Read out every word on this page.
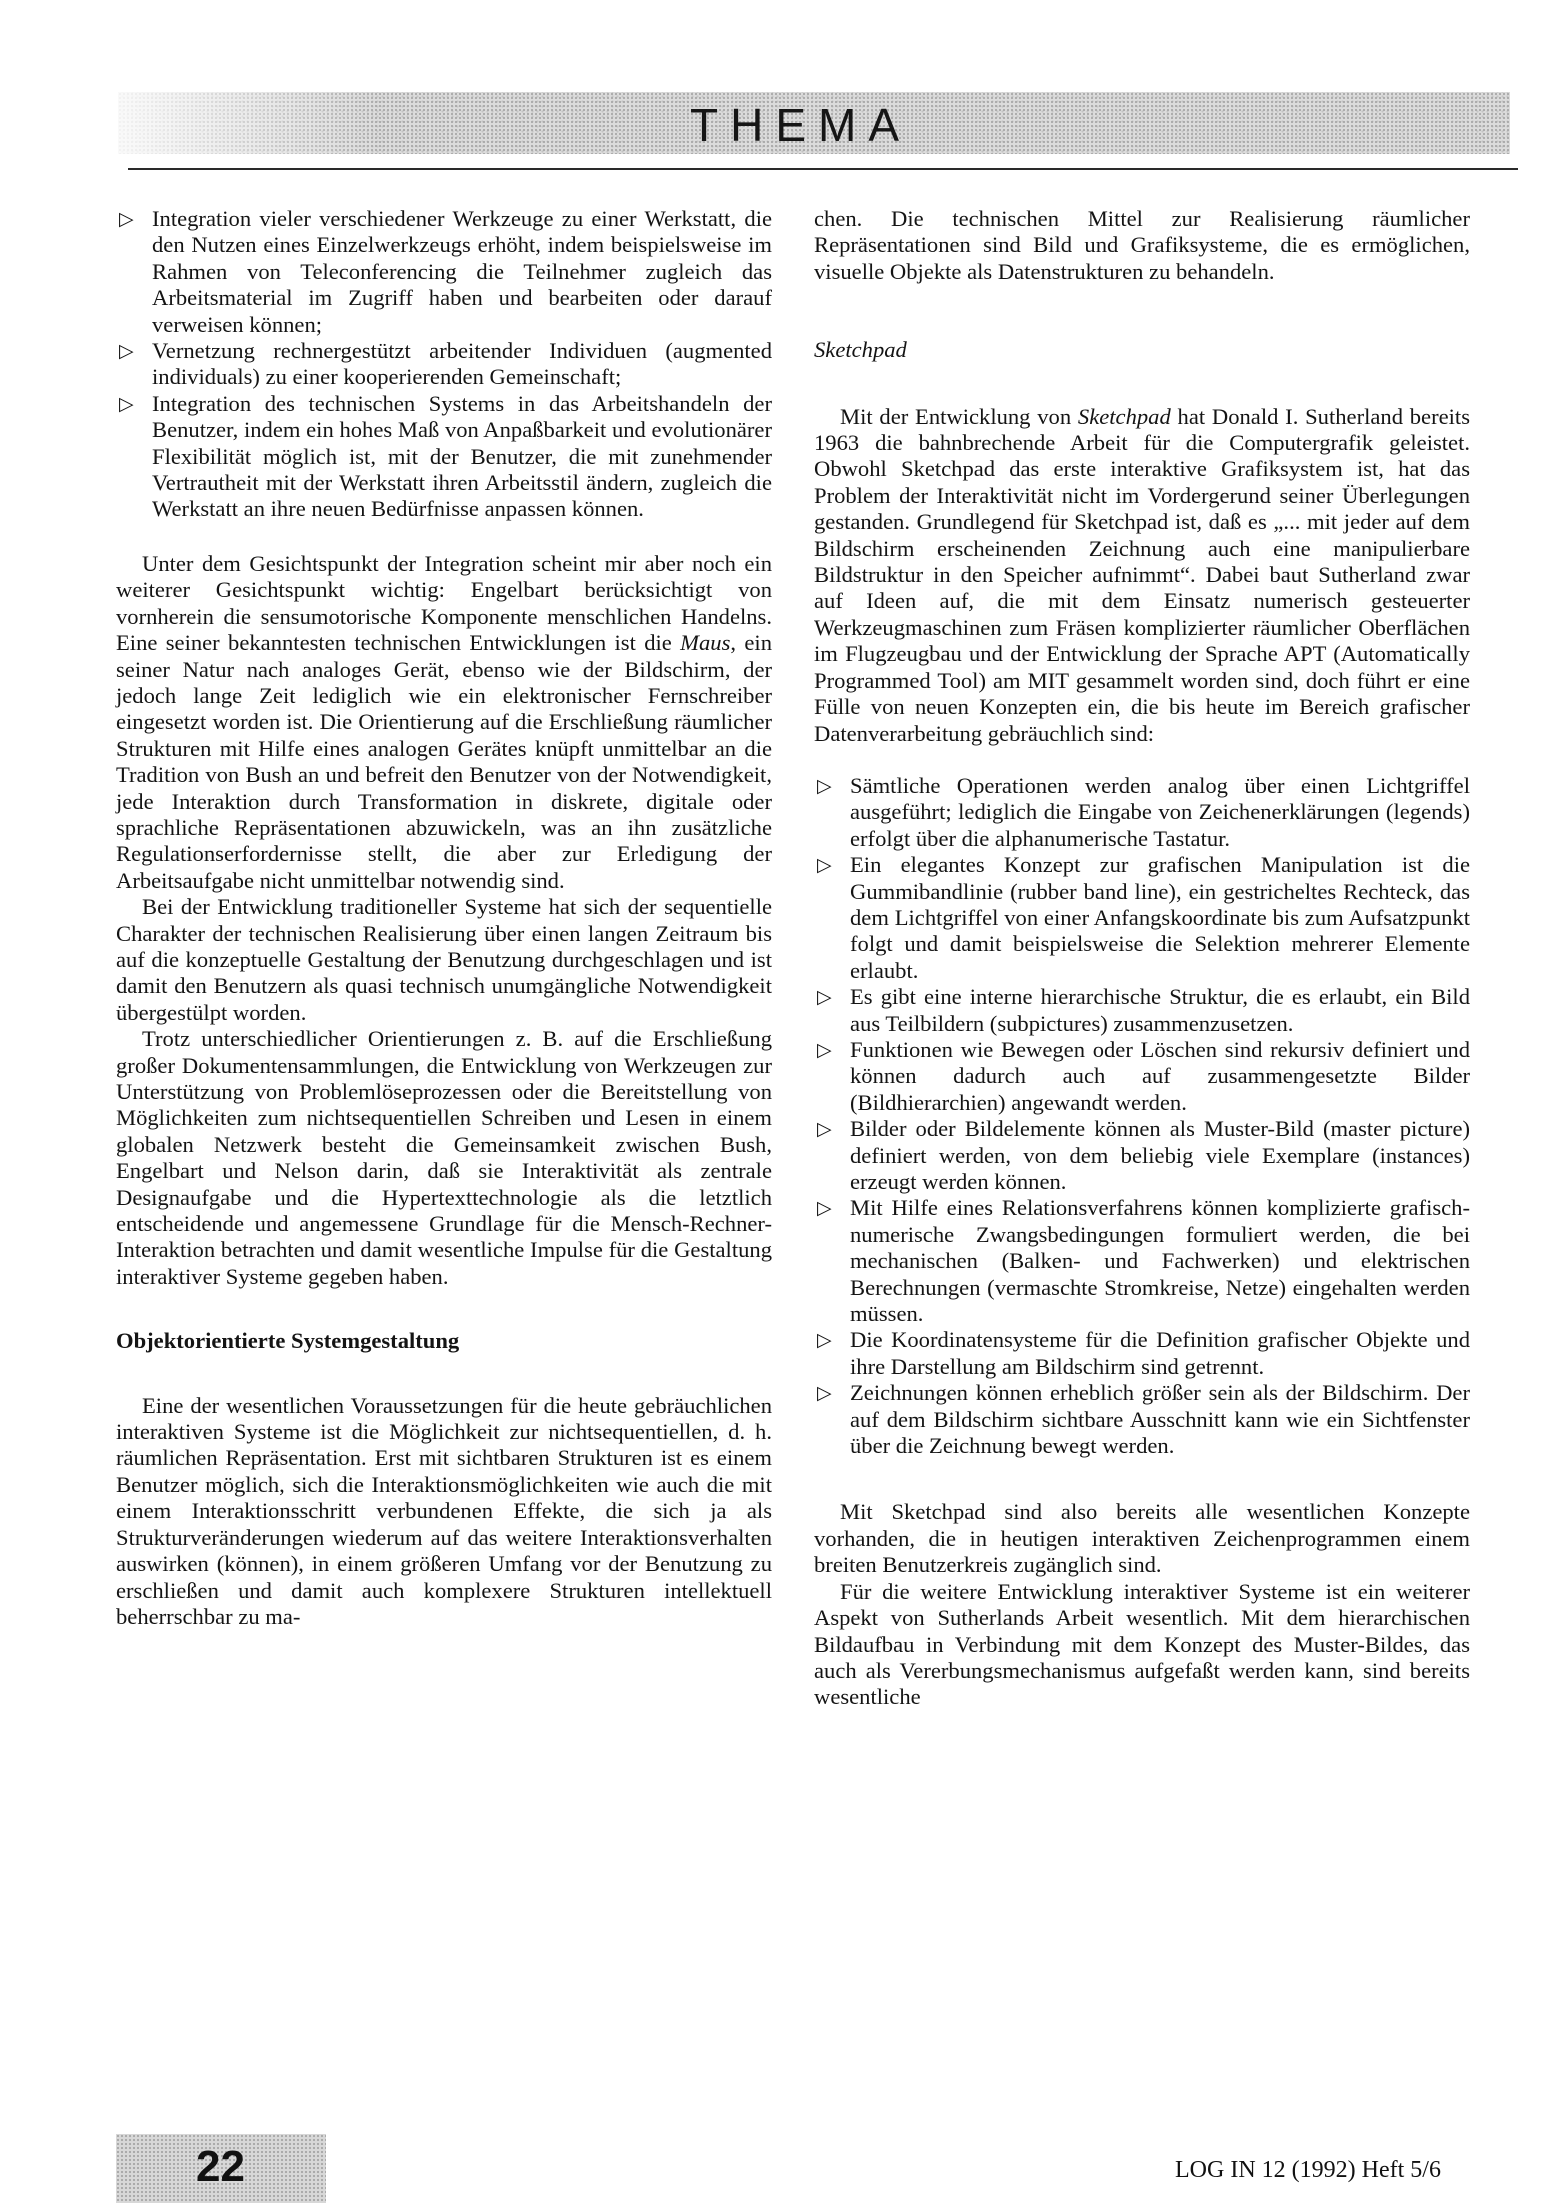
THEMA
▷ Integration vieler verschiedener Werkzeuge zu einer Werkstatt, die den Nutzen eines Einzelwerkzeugs erhöht, indem beispielsweise im Rahmen von Teleconferencing die Teilnehmer zugleich das Arbeitsmaterial im Zugriff haben und bearbeiten oder darauf verweisen können;
▷ Vernetzung rechnergestützt arbeitender Individuen (augmented individuals) zu einer kooperierenden Gemeinschaft;
▷ Integration des technischen Systems in das Arbeitshandeln der Benutzer, indem ein hohes Maß von Anpaßbarkeit und evolutionärer Flexibilität möglich ist, mit der Benutzer, die mit zunehmender Vertrautheit mit der Werkstatt ihren Arbeitsstil ändern, zugleich die Werkstatt an ihre neuen Bedürfnisse anpassen können.

Unter dem Gesichtspunkt der Integration scheint mir aber noch ein weiterer Gesichtspunkt wichtig: Engelbart berücksichtigt von vornherein die sensumotorische Komponente menschlichen Handelns. Eine seiner bekanntesten technischen Entwicklungen ist die Maus, ein seiner Natur nach analoges Gerät, ebenso wie der Bildschirm, der jedoch lange Zeit lediglich wie ein elektronischer Fernschreiber eingesetzt worden ist. Die Orientierung auf die Erschließung räumlicher Strukturen mit Hilfe eines analogen Gerätes knüpft unmittelbar an die Tradition von Bush an und befreit den Benutzer von der Notwendigkeit, jede Interaktion durch Transformation in diskrete, digitale oder sprachliche Repräsentationen abzuwickeln, was an ihn zusätzliche Regulationserfordernisse stellt, die aber zur Erledigung der Arbeitsaufgabe nicht unmittelbar notwendig sind.

Bei der Entwicklung traditioneller Systeme hat sich der sequentielle Charakter der technischen Realisierung über einen langen Zeitraum bis auf die konzeptuelle Gestaltung der Benutzung durchgeschlagen und ist damit den Benutzern als quasi technisch unumgängliche Notwendigkeit übergestülpt worden.

Trotz unterschiedlicher Orientierungen z. B. auf die Erschließung großer Dokumentensammlungen, die Entwicklung von Werkzeugen zur Unterstützung von Problemlöseprozessen oder die Bereitstellung von Möglichkeiten zum nichtsequentiellen Schreiben und Lesen in einem globalen Netzwerk besteht die Gemeinsamkeit zwischen Bush, Engelbart und Nelson darin, daß sie Interaktivität als zentrale Designaufgabe und die Hypertexttechnologie als die letztlich entscheidende und angemessene Grundlage für die Mensch-Rechner-Interaktion betrachten und damit wesentliche Impulse für die Gestaltung interaktiver Systeme gegeben haben.

Objektorientierte Systemgestaltung

Eine der wesentlichen Voraussetzungen für die heute gebräuchlichen interaktiven Systeme ist die Möglichkeit zur nichtsequentiellen, d. h. räumlichen Repräsentation. Erst mit sichtbaren Strukturen ist es einem Benutzer möglich, sich die Interaktionsmöglichkeiten wie auch die mit einem Interaktionsschritt verbundenen Effekte, die sich ja als Strukturveränderungen wiederum auf das weitere Interaktionsverhalten auswirken (können), in einem größeren Umfang vor der Benutzung zu erschließen und damit auch komplexere Strukturen intellektuell beherrschbar zu ma-

chen. Die technischen Mittel zur Realisierung räumlicher Repräsentationen sind Bild und Grafiksysteme, die es ermöglichen, visuelle Objekte als Datenstrukturen zu behandeln.

Sketchpad

Mit der Entwicklung von Sketchpad hat Donald I. Sutherland bereits 1963 die bahnbrechende Arbeit für die Computergrafik geleistet. Obwohl Sketchpad das erste interaktive Grafiksystem ist, hat das Problem der Interaktivität nicht im Vordergerund seiner Überlegungen gestanden. Grundlegend für Sketchpad ist, daß es „... mit jeder auf dem Bildschirm erscheinenden Zeichnung auch eine manipulierbare Bildstruktur in den Speicher aufnimmt“. Dabei baut Sutherland zwar auf Ideen auf, die mit dem Einsatz numerisch gesteuerter Werkzeugmaschinen zum Fräsen komplizierter räumlicher Oberflächen im Flugzeugbau und der Entwicklung der Sprache APT (Automatically Programmed Tool) am MIT gesammelt worden sind, doch führt er eine Fülle von neuen Konzepten ein, die bis heute im Bereich grafischer Datenverarbeitung gebräuchlich sind:

▷ Sämtliche Operationen werden analog über einen Lichtgriffel ausgeführt; lediglich die Eingabe von Zeichenerklärungen (legends) erfolgt über die alphanumerische Tastatur.
▷ Ein elegantes Konzept zur grafischen Manipulation ist die Gummibandlinie (rubber band line), ein gestricheltes Rechteck, das dem Lichtgriffel von einer Anfangskoordinate bis zum Aufsatzpunkt folgt und damit beispielsweise die Selektion mehrerer Elemente erlaubt.
▷ Es gibt eine interne hierarchische Struktur, die es erlaubt, ein Bild aus Teilbildern (subpictures) zusammenzusetzen.
▷ Funktionen wie Bewegen oder Löschen sind rekursiv definiert und können dadurch auch auf zusammengesetzte Bilder (Bildhierarchien) angewandt werden.
▷ Bilder oder Bildelemente können als Muster-Bild (master picture) definiert werden, von dem beliebig viele Exemplare (instances) erzeugt werden können.
▷ Mit Hilfe eines Relationsverfahrens können komplizierte grafisch-numerische Zwangsbedingungen formuliert werden, die bei mechanischen (Balken- und Fachwerken) und elektrischen Berechnungen (vermaschte Stromkreise, Netze) eingehalten werden müssen.
▷ Die Koordinatensysteme für die Definition grafischer Objekte und ihre Darstellung am Bildschirm sind getrennt.
▷ Zeichnungen können erheblich größer sein als der Bildschirm. Der auf dem Bildschirm sichtbare Ausschnitt kann wie ein Sichtfenster über die Zeichnung bewegt werden.

Mit Sketchpad sind also bereits alle wesentlichen Konzepte vorhanden, die in heutigen interaktiven Zeichenprogrammen einem breiten Benutzerkreis zugänglich sind.

Für die weitere Entwicklung interaktiver Systeme ist ein weiterer Aspekt von Sutherlands Arbeit wesentlich. Mit dem hierarchischen Bildaufbau in Verbindung mit dem Konzept des Muster-Bildes, das auch als Vererbungsmechanismus aufgefaßt werden kann, sind bereits wesentliche

22	LOG IN 12 (1992) Heft 5/6
